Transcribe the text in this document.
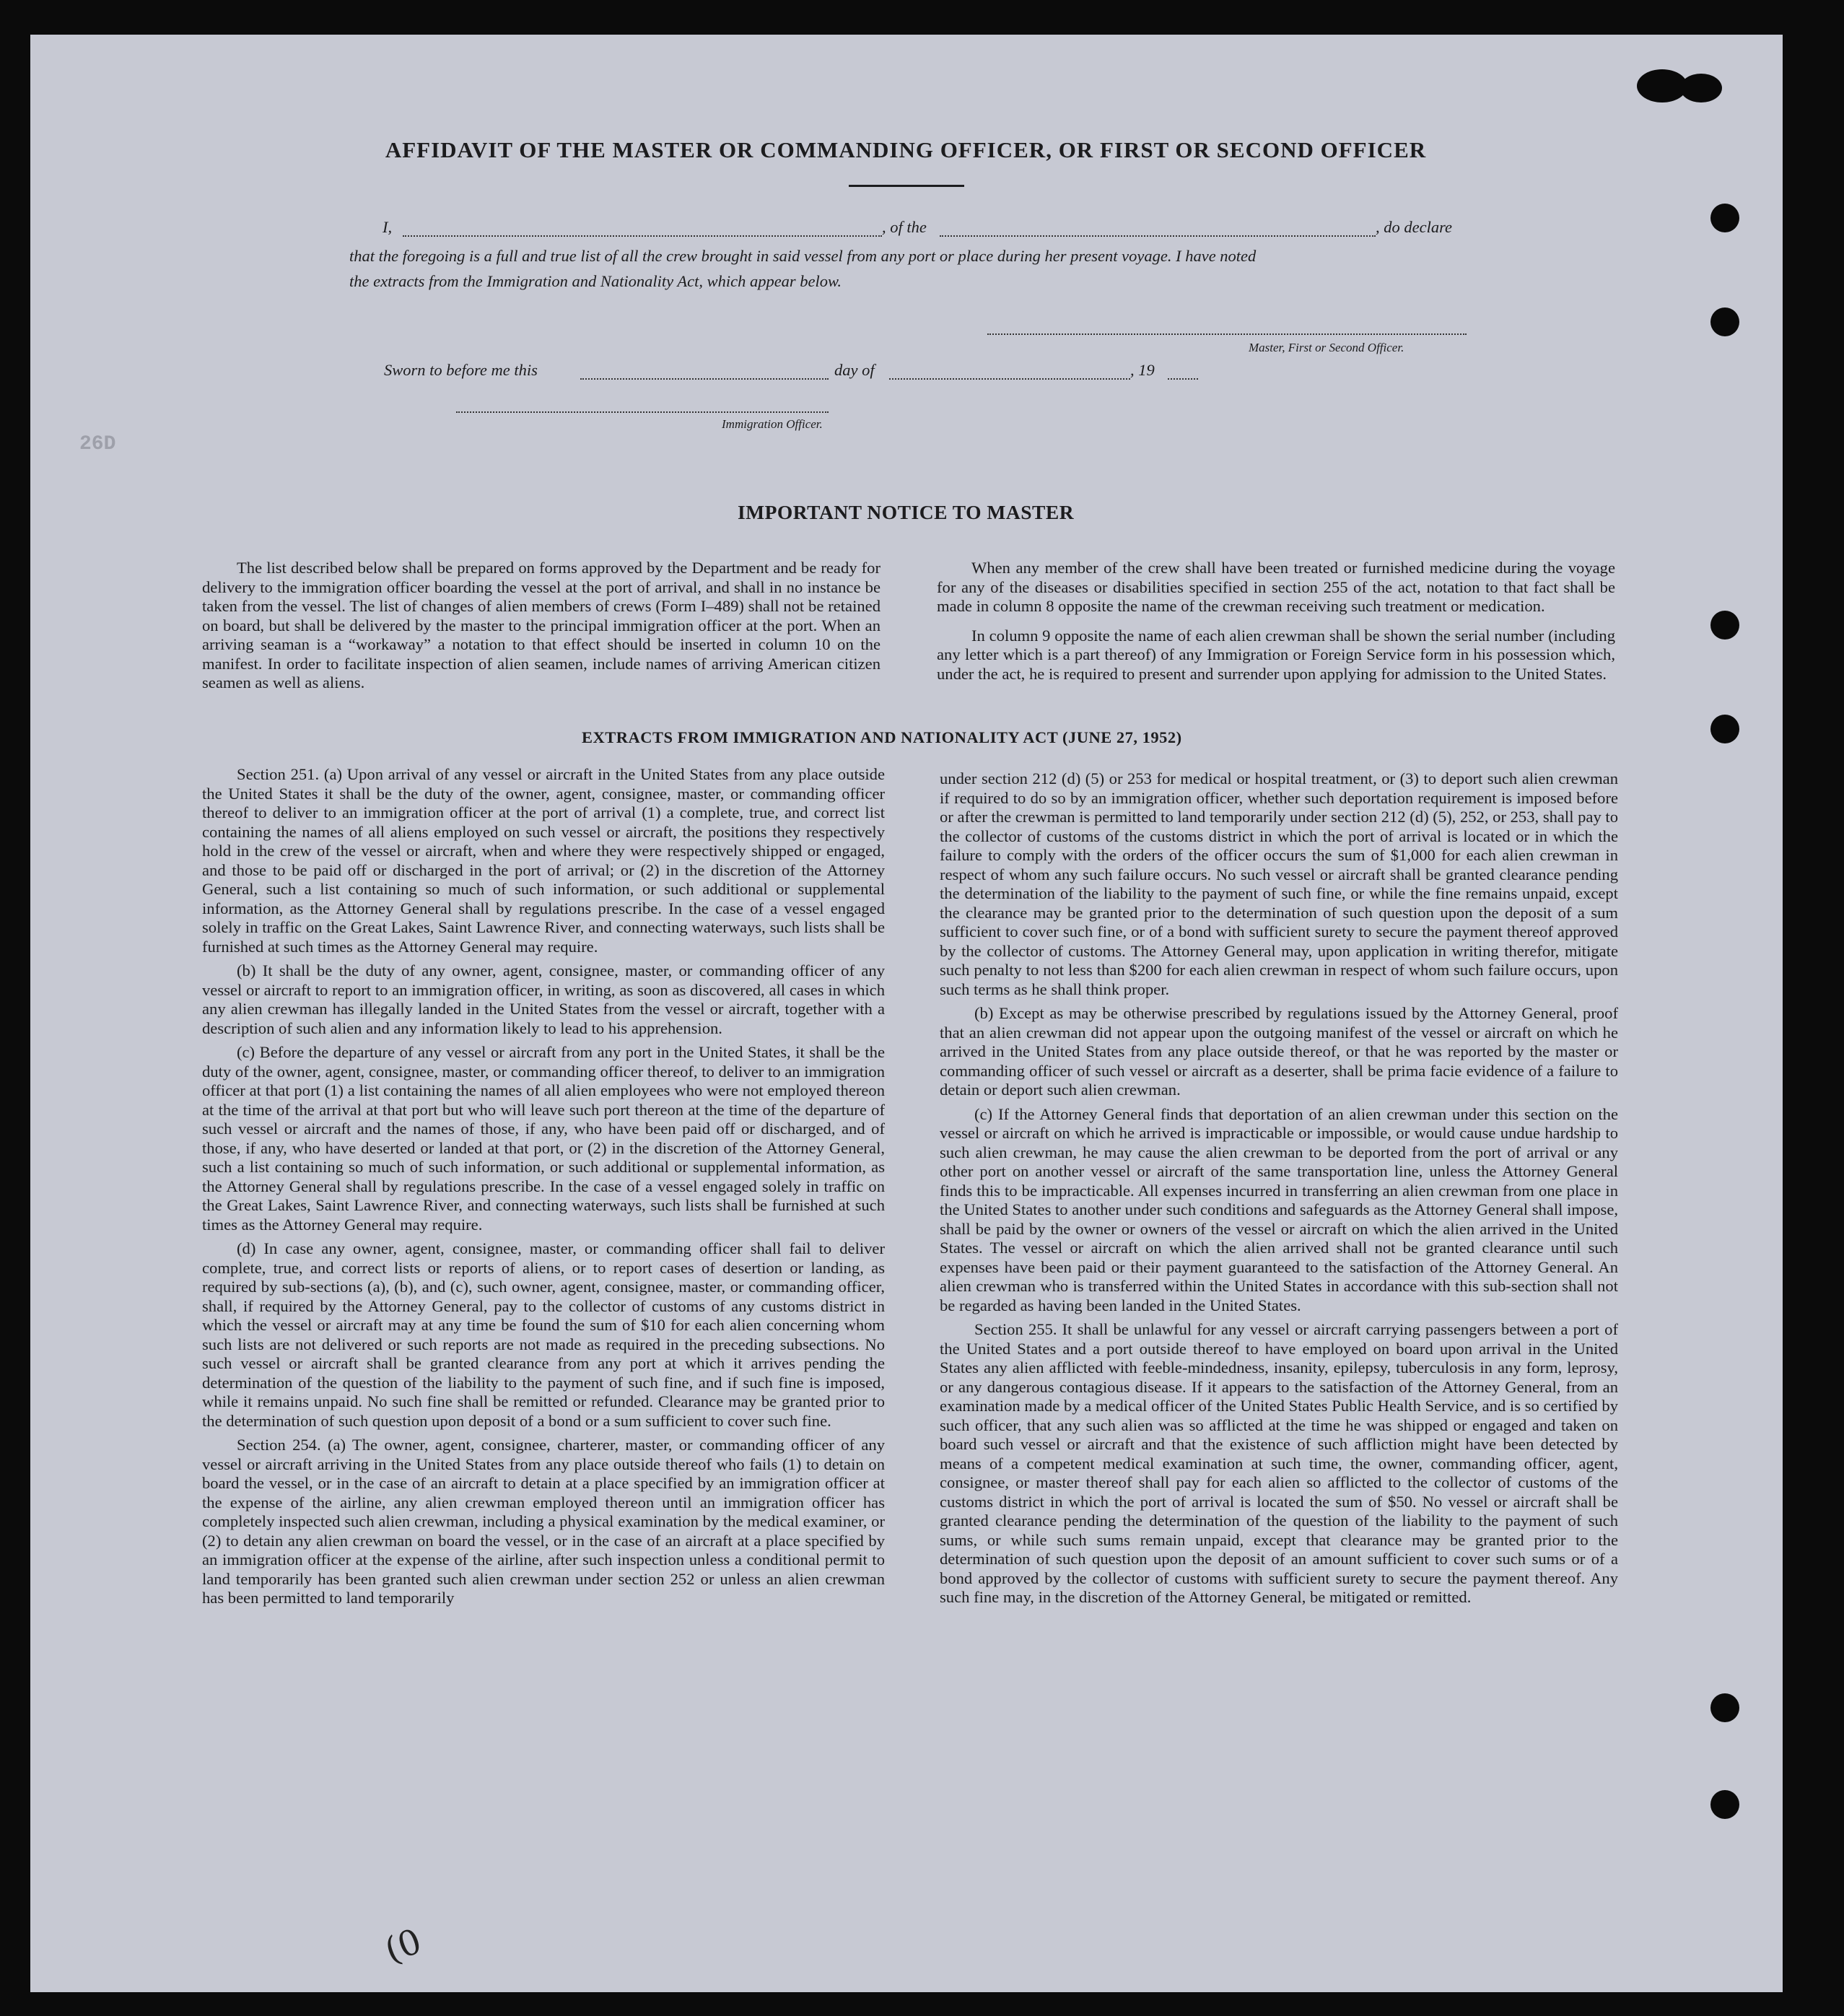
26D
AFFIDAVIT OF THE MASTER OR COMMANDING OFFICER, OR FIRST OR SECOND OFFICER
I,	, of the	, do declare
that the foregoing is a full and true list of all the crew brought in said vessel from any port or place during her present voyage. I have noted
the extracts from the Immigration and Nationality Act, which appear below.
Master, First or Second Officer.
Sworn to before me this	day of	, 19
Immigration Officer.
IMPORTANT NOTICE TO MASTER

The list described below shall be prepared on forms approved by the Department and be ready for delivery to the immigration officer boarding the vessel at the port of arrival, and shall in no instance be taken from the vessel. The list of changes of alien members of crews (Form I–489) shall not be retained on board, but shall be delivered by the master to the principal immigration officer at the port. When an arriving seaman is a “workaway” a notation to that effect should be inserted in column 10 on the manifest. In order to facilitate inspection of alien seamen, include names of arriving American citizen seamen as well as aliens.

When any member of the crew shall have been treated or furnished medicine during the voyage for any of the diseases or disabilities specified in section 255 of the act, notation to that fact shall be made in column 8 opposite the name of the crewman receiving such treatment or medication.

In column 9 opposite the name of each alien crewman shall be shown the serial number (including any letter which is a part thereof) of any Immigration or Foreign Service form in his possession which, under the act, he is required to present and surrender upon applying for admission to the United States.

EXTRACTS FROM IMMIGRATION AND NATIONALITY ACT (JUNE 27, 1952)

Section 251. (a) Upon arrival of any vessel or aircraft in the United States from any place outside the United States it shall be the duty of the owner, agent, consignee, master, or commanding officer thereof to deliver to an immigration officer at the port of arrival (1) a complete, true, and correct list containing the names of all aliens employed on such vessel or aircraft, the positions they respectively hold in the crew of the vessel or aircraft, when and where they were respectively shipped or engaged, and those to be paid off or discharged in the port of arrival; or (2) in the discretion of the Attorney General, such a list containing so much of such information, or such additional or supplemental information, as the Attorney General shall by regulations prescribe. In the case of a vessel engaged solely in traffic on the Great Lakes, Saint Lawrence River, and connecting waterways, such lists shall be furnished at such times as the Attorney General may require.

(b) It shall be the duty of any owner, agent, consignee, master, or commanding officer of any vessel or aircraft to report to an immigration officer, in writing, as soon as discovered, all cases in which any alien crewman has illegally landed in the United States from the vessel or aircraft, together with a description of such alien and any information likely to lead to his apprehension.

(c) Before the departure of any vessel or aircraft from any port in the United States, it shall be the duty of the owner, agent, consignee, master, or commanding officer thereof, to deliver to an immigration officer at that port (1) a list containing the names of all alien employees who were not employed thereon at the time of the arrival at that port but who will leave such port thereon at the time of the departure of such vessel or aircraft and the names of those, if any, who have been paid off or discharged, and of those, if any, who have deserted or landed at that port, or (2) in the discretion of the Attorney General, such a list containing so much of such information, or such additional or supplemental information, as the Attorney General shall by regulations prescribe. In the case of a vessel engaged solely in traffic on the Great Lakes, Saint Lawrence River, and connecting waterways, such lists shall be furnished at such times as the Attorney General may require.

(d) In case any owner, agent, consignee, master, or commanding officer shall fail to deliver complete, true, and correct lists or reports of aliens, or to report cases of desertion or landing, as required by sub-sections (a), (b), and (c), such owner, agent, consignee, master, or commanding officer, shall, if required by the Attorney General, pay to the collector of customs of any customs district in which the vessel or aircraft may at any time be found the sum of $10 for each alien concerning whom such lists are not delivered or such reports are not made as required in the preceding subsections. No such vessel or aircraft shall be granted clearance from any port at which it arrives pending the determination of the question of the liability to the payment of such fine, and if such fine is imposed, while it remains unpaid. No such fine shall be remitted or refunded. Clearance may be granted prior to the determination of such question upon deposit of a bond or a sum sufficient to cover such fine.

Section 254. (a) The owner, agent, consignee, charterer, master, or commanding officer of any vessel or aircraft arriving in the United States from any place outside thereof who fails (1) to detain on board the vessel, or in the case of an aircraft to detain at a place specified by an immigration officer at the expense of the airline, any alien crewman employed thereon until an immigration officer has completely inspected such alien crewman, including a physical examination by the medical examiner, or (2) to detain any alien crewman on board the vessel, or in the case of an aircraft at a place specified by an immigration officer at the expense of the airline, after such inspection unless a conditional permit to land temporarily has been granted such alien crewman under section 252 or unless an alien crewman has been permitted to land temporarily

under section 212 (d) (5) or 253 for medical or hospital treatment, or (3) to deport such alien crewman if required to do so by an immigration officer, whether such deportation requirement is imposed before or after the crewman is permitted to land temporarily under section 212 (d) (5), 252, or 253, shall pay to the collector of customs of the customs district in which the port of arrival is located or in which the failure to comply with the orders of the officer occurs the sum of $1,000 for each alien crewman in respect of whom any such failure occurs. No such vessel or aircraft shall be granted clearance pending the determination of the liability to the payment of such fine, or while the fine remains unpaid, except the clearance may be granted prior to the determination of such question upon the deposit of a sum sufficient to cover such fine, or of a bond with sufficient surety to secure the payment thereof approved by the collector of customs. The Attorney General may, upon application in writing therefor, mitigate such penalty to not less than $200 for each alien crewman in respect of whom such failure occurs, upon such terms as he shall think proper.

(b) Except as may be otherwise prescribed by regulations issued by the Attorney General, proof that an alien crewman did not appear upon the outgoing manifest of the vessel or aircraft on which he arrived in the United States from any place outside thereof, or that he was reported by the master or commanding officer of such vessel or aircraft as a deserter, shall be prima facie evidence of a failure to detain or deport such alien crewman.

(c) If the Attorney General finds that deportation of an alien crewman under this section on the vessel or aircraft on which he arrived is impracticable or impossible, or would cause undue hardship to such alien crewman, he may cause the alien crewman to be deported from the port of arrival or any other port on another vessel or aircraft of the same transportation line, unless the Attorney General finds this to be impracticable. All expenses incurred in transferring an alien crewman from one place in the United States to another under such conditions and safeguards as the Attorney General shall impose, shall be paid by the owner or owners of the vessel or aircraft on which the alien arrived in the United States. The vessel or aircraft on which the alien arrived shall not be granted clearance until such expenses have been paid or their payment guaranteed to the satisfaction of the Attorney General. An alien crewman who is transferred within the United States in accordance with this sub-section shall not be regarded as having been landed in the United States.

Section 255. It shall be unlawful for any vessel or aircraft carrying passengers between a port of the United States and a port outside thereof to have employed on board upon arrival in the United States any alien afflicted with feeble-mindedness, insanity, epilepsy, tuberculosis in any form, leprosy, or any dangerous contagious disease. If it appears to the satisfaction of the Attorney General, from an examination made by a medical officer of the United States Public Health Service, and is so certified by such officer, that any such alien was so afflicted at the time he was shipped or engaged and taken on board such vessel or aircraft and that the existence of such affliction might have been detected by means of a competent medical examination at such time, the owner, commanding officer, agent, consignee, or master thereof shall pay for each alien so afflicted to the collector of customs of the customs district in which the port of arrival is located the sum of $50. No vessel or aircraft shall be granted clearance pending the determination of the question of the liability to the payment of such sums, or while such sums remain unpaid, except that clearance may be granted prior to the determination of such question upon the deposit of an amount sufficient to cover such sums or of a bond approved by the collector of customs with sufficient surety to secure the payment thereof. Any such fine may, in the discretion of the Attorney General, be mitigated or remitted.

(0
